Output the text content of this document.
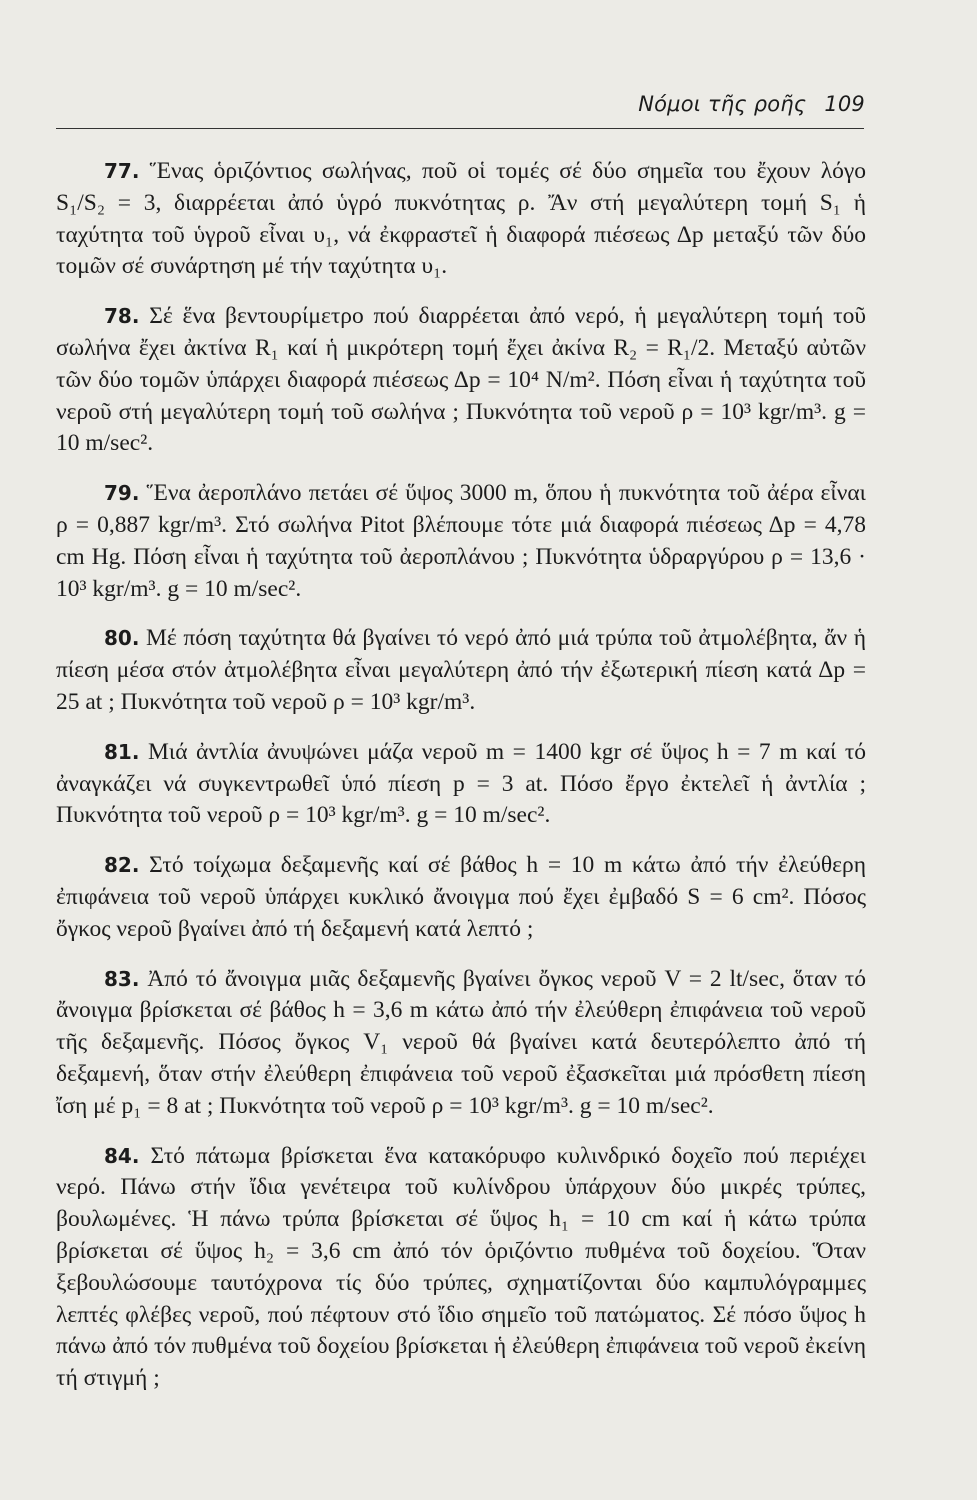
Νόμοι τῆς ροῆς 109

77. Ἕνας ὁριζόντιος σωλήνας, ποῦ οἱ τομές σέ δύο σημεῖα του ἔχουν λόγο S₁/S₂ = 3, διαρρέεται ἀπό ὑγρό πυκνότητας ρ. Ἄν στή μεγαλύτερη τομή S₁ ἡ ταχύτητα τοῦ ὑγροῦ εἶναι υ₁, νά ἐκφραστεῖ ἡ διαφορά πιέσεως Δp μεταξύ τῶν δύο τομῶν σέ συνάρτηση μέ τήν ταχύτητα υ₁.

78. Σέ ἕνα βεντουρίμετρο πού διαρρέεται ἀπό νερό, ἡ μεγαλύτερη τομή τοῦ σωλήνα ἔχει ἀκτίνα R₁ καί ἡ μικρότερη τομή ἔχει ἀκίνα R₂ = R₁/2. Μεταξύ αὐτῶν τῶν δύο τομῶν ὑπάρχει διαφορά πιέσεως Δp = 10⁴ N/m². Πόση εἶναι ἡ ταχύτητα τοῦ νεροῦ στή μεγαλύτερη τομή τοῦ σωλήνα ; Πυκνότητα τοῦ νεροῦ ρ = 10³ kgr/m³. g = 10 m/sec².

79. Ἕνα ἀεροπλάνο πετάει σέ ὕψος 3000 m, ὅπου ἡ πυκνότητα τοῦ ἀέρα εἶναι ρ = 0,887 kgr/m³. Στό σωλήνα Pitot βλέπουμε τότε μιά διαφορά πιέσεως Δp = 4,78 cm Hg. Πόση εἶναι ἡ ταχύτητα τοῦ ἀεροπλάνου ; Πυκνότητα ὑδραργύρου ρ = 13,6 · 10³ kgr/m³. g = 10 m/sec².

80. Μέ πόση ταχύτητα θά βγαίνει τό νερό ἀπό μιά τρύπα τοῦ ἀτμολέβητα, ἄν ἡ πίεση μέσα στόν ἀτμολέβητα εἶναι μεγαλύτερη ἀπό τήν ἐξωτερική πίεση κατά Δp = 25 at ; Πυκνότητα τοῦ νεροῦ ρ = 10³ kgr/m³.

81. Μιά ἀντλία ἀνυψώνει μάζα νεροῦ m = 1400 kgr σέ ὕψος h = 7 m καί τό ἀναγκάζει νά συγκεντρωθεῖ ὑπό πίεση p = 3 at. Πόσο ἔργο ἐκτελεῖ ἡ ἀντλία ; Πυκνότητα τοῦ νεροῦ ρ = 10³ kgr/m³. g = 10 m/sec².

82. Στό τοίχωμα δεξαμενῆς καί σέ βάθος h = 10 m κάτω ἀπό τήν ἐλεύθερη ἐπιφάνεια τοῦ νεροῦ ὑπάρχει κυκλικό ἄνοιγμα πού ἔχει ἐμβαδό S = 6 cm². Πόσος ὄγκος νεροῦ βγαίνει ἀπό τή δεξαμενή κατά λεπτό ;

83. Ἀπό τό ἄνοιγμα μιᾶς δεξαμενῆς βγαίνει ὄγκος νεροῦ V = 2 lt/sec, ὅταν τό ἄνοιγμα βρίσκεται σέ βάθος h = 3,6 m κάτω ἀπό τήν ἐλεύθερη ἐπιφάνεια τοῦ νεροῦ τῆς δεξαμενῆς. Πόσος ὄγκος V₁ νεροῦ θά βγαίνει κατά δευτερόλεπτο ἀπό τή δεξαμενή, ὅταν στήν ἐλεύθερη ἐπιφάνεια τοῦ νεροῦ ἐξασκεῖται μιά πρόσθετη πίεση ἴση μέ p₁ = 8 at ; Πυκνότητα τοῦ νεροῦ ρ = 10³ kgr/m³. g = 10 m/sec².

84. Στό πάτωμα βρίσκεται ἕνα κατακόρυφο κυλινδρικό δοχεῖο πού περιέχει νερό. Πάνω στήν ἴδια γενέτειρα τοῦ κυλίνδρου ὑπάρχουν δύο μικρές τρύπες, βουλωμένες. Ἡ πάνω τρύπα βρίσκεται σέ ὕψος h₁ = 10 cm καί ἡ κάτω τρύπα βρίσκεται σέ ὕψος h₂ = 3,6 cm ἀπό τόν ὁριζόντιο πυθμένα τοῦ δοχείου. Ὅταν ξεβουλώσουμε ταυτόχρονα τίς δύο τρύπες, σχηματίζονται δύο καμπυλόγραμμες λεπτές φλέβες νεροῦ, πού πέφτουν στό ἴδιο σημεῖο τοῦ πατώματος. Σέ πόσο ὕψος h πάνω ἀπό τόν πυθμένα τοῦ δοχείου βρίσκεται ἡ ἐλεύθερη ἐπιφάνεια τοῦ νεροῦ ἐκείνη τή στιγμή ;
